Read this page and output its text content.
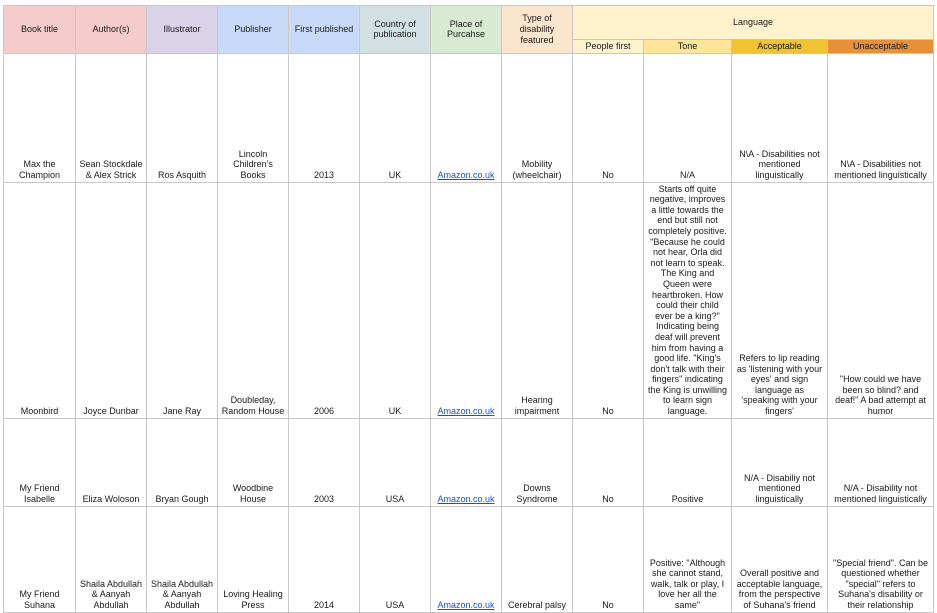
Book title	Author(s)	Illustrator	Publisher	First published	Country of publication	Place of Purcahse	Type of disability featured	Language			
								People first	Tone	Acceptable	Unacceptable
Max the Champion	Sean Stockdale & Alex Strick	Ros Asquith	Lincoln Children's Books	2013	UK	Amazon.co.uk	Mobility (wheelchair)	No	N/A	N\A - Disabilities not mentioned linguistically	N\A - Disabilities not mentioned linguistically
Moonbird	Joyce Dunbar	Jane Ray	Doubleday, Random House	2006	UK	Amazon.co.uk	Hearing impairment	No	Starts off quite negative, improves a little towards the end but still not completely positive. "Because he could not hear, Orla did not learn to speak. The King and Queen were heartbroken. How could their child ever be a king?" Indicating being deaf will prevent him from having a good life. "King's don't talk with their fingers" indicating the King is unwilling to learn sign language.	Refers to lip reading as 'listening with your eyes' and sign language as 'speaking with your fingers'	"How could we have been so blind? and deaf!" A bad attempt at humor
My Friend Isabelle	Eliza Woloson	Bryan Gough	Woodbine House	2003	USA	Amazon.co.uk	Downs Syndrome	No	Positive	N/A - Disabiliy not mentioned linguistically	N/A - Disability not mentioned linguistically
My Friend Suhana	Shaila Abdullah & Aanyah Abdullah	Shaila Abdullah & Aanyah Abdullah	Loving Healing Press	2014	USA	Amazon.co.uk	Cerebral palsy	No	Positive: "Although she cannot stand, walk, talk or play, I love her all the same"	Overall positive and acceptable language, from the perspective of Suhana's friend	"Special friend". Can be questioned whether "special" refers to Suhana's disability or their relationship
